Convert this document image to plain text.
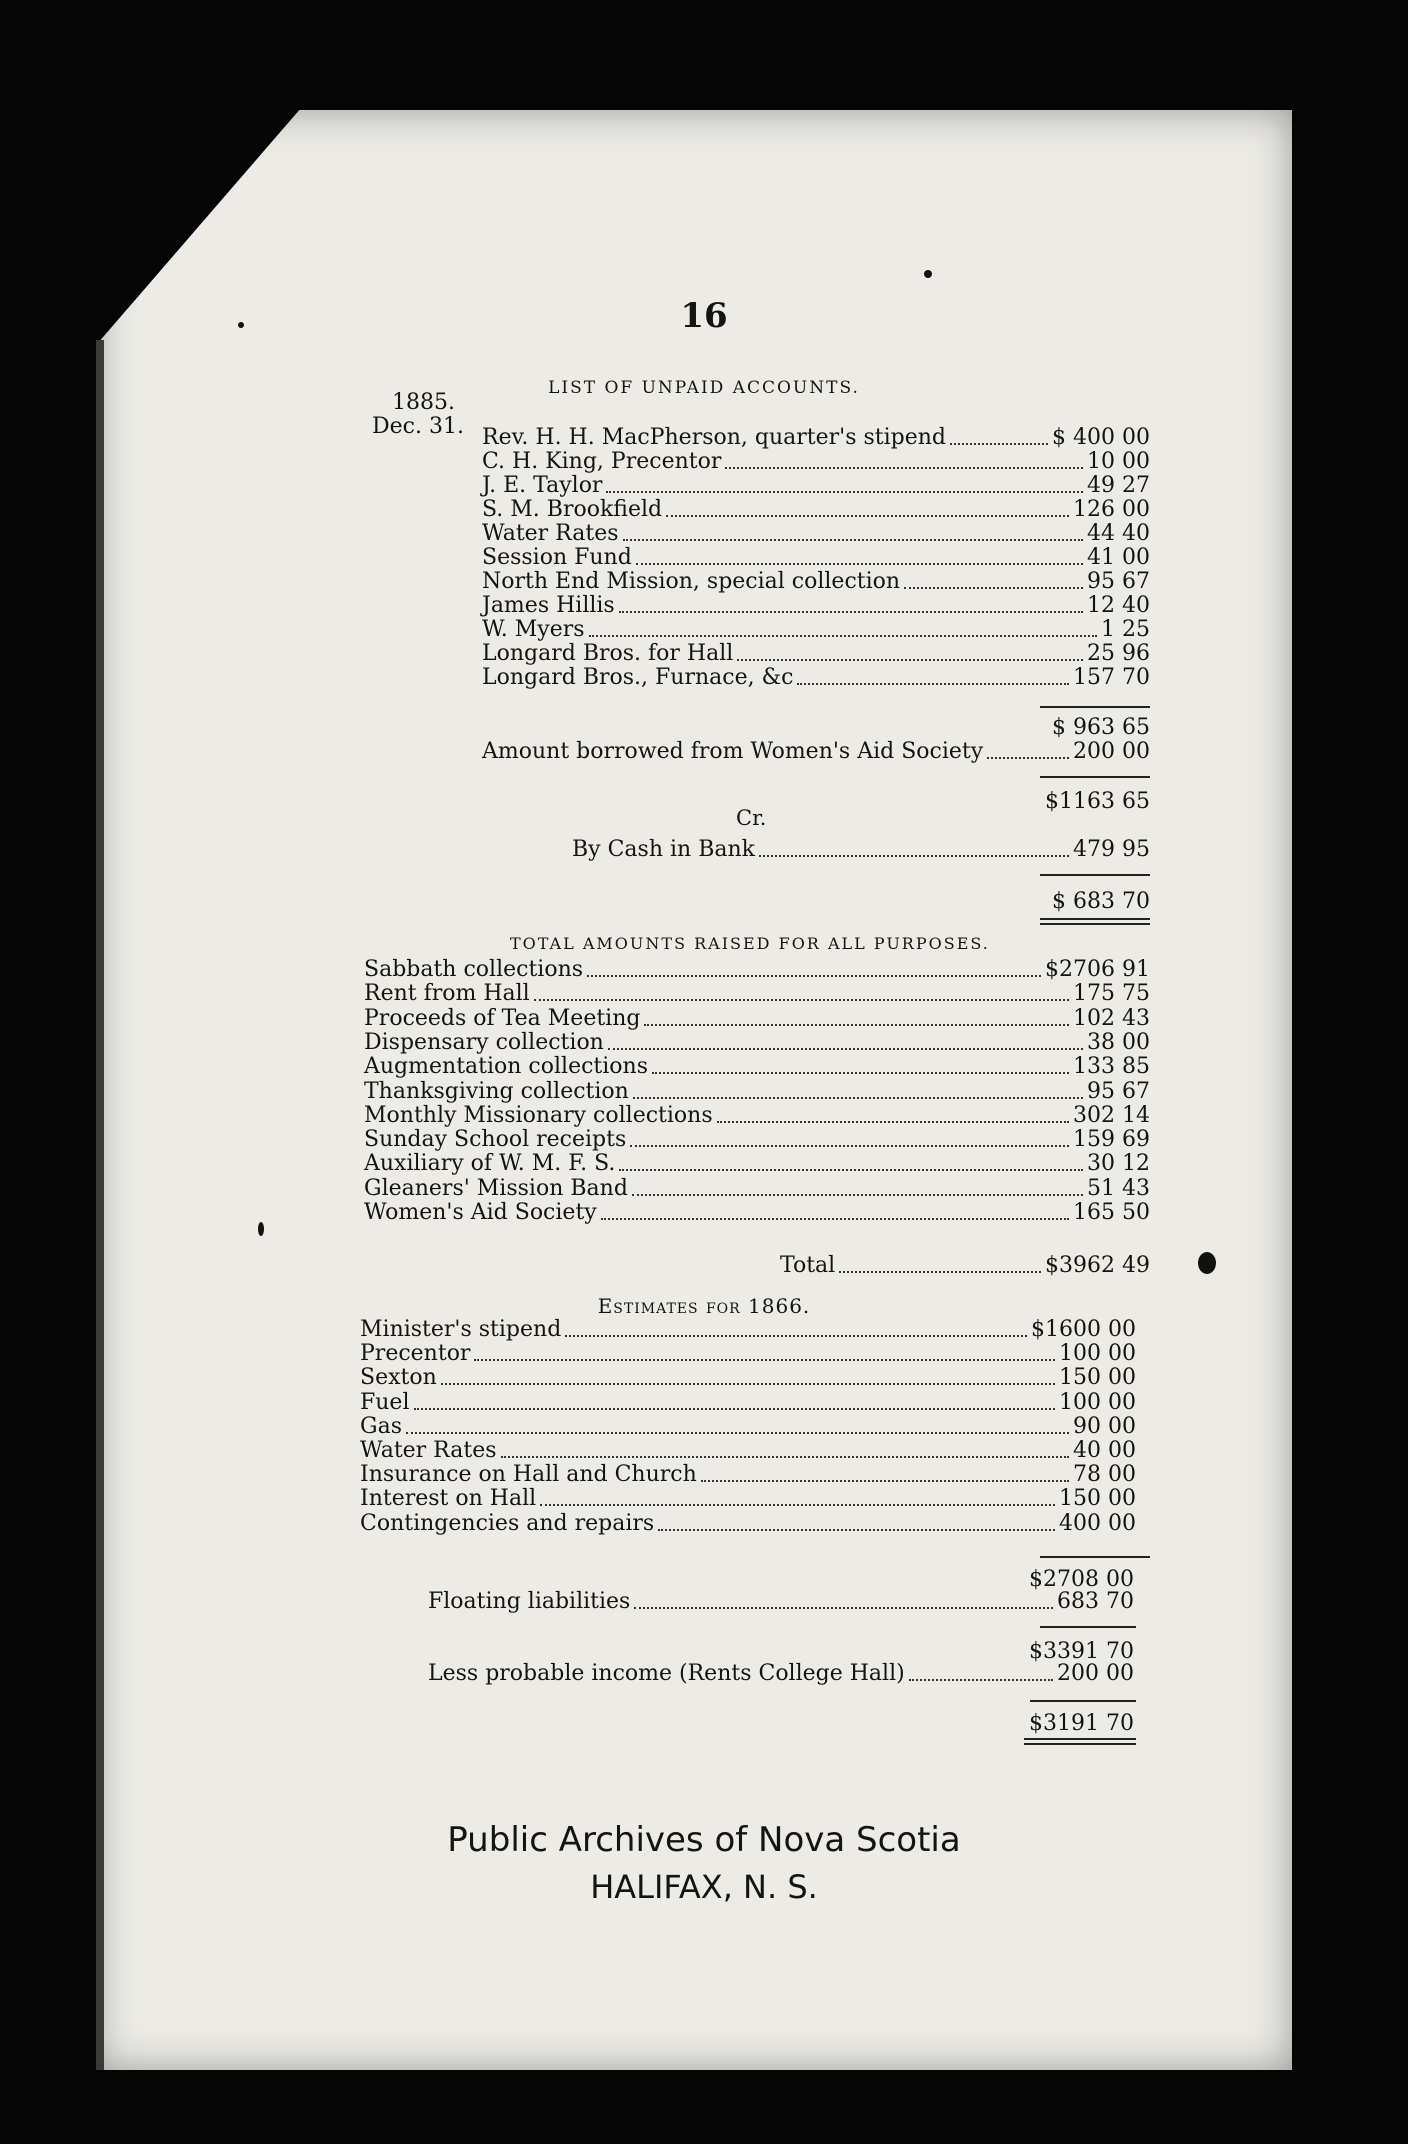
16
LIST OF UNPAID ACCOUNTS.
1885.
Dec. 31. Rev. H. H. MacPherson, quarter's stipend	$ 400 00
C. H. King, Precentor	10 00
J. E. Taylor	49 27
S. M. Brookfield	126 00
Water Rates	44 40
Session Fund	41 00
North End Mission, special collection	95 67
James Hillis	12 40
W. Myers	1 25
Longard Bros. for Hall	25 96
Longard Bros., Furnace, &c	157 70
$ 963 65
Amount borrowed from Women's Aid Society	200 00
$1163 65
Cr.
By Cash in Bank	479 95
$ 683 70
TOTAL AMOUNTS RAISED FOR ALL PURPOSES.
Sabbath collections	$2706 91
Rent from Hall	175 75
Proceeds of Tea Meeting	102 43
Dispensary collection	38 00
Augmentation collections	133 85
Thanksgiving collection	95 67
Monthly Missionary collections	302 14
Sunday School receipts	159 69
Auxiliary of W. M. F. S.	30 12
Gleaners' Mission Band	51 43
Women's Aid Society	165 50
Total	$3962 49
Estimates for 1866.
Minister's stipend	$1600 00
Precentor	100 00
Sexton	150 00
Fuel	100 00
Gas	90 00
Water Rates	40 00
Insurance on Hall and Church	78 00
Interest on Hall	150 00
Contingencies and repairs	400 00
$2708 00
Floating liabilities	683 70
$3391 70
Less probable income (Rents College Hall)	200 00
$3191 70
Public Archives of Nova Scotia
HALIFAX, N. S.
